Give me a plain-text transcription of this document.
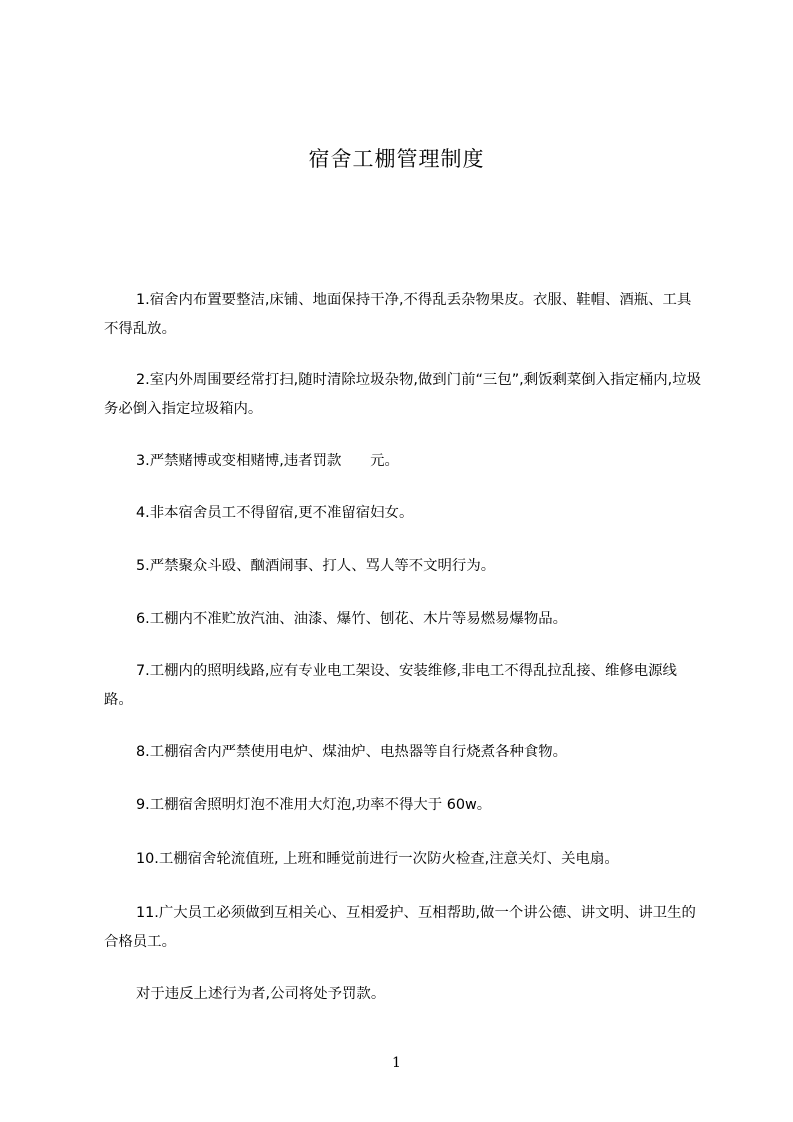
宿舍工棚管理制度

1.宿舍内布置要整洁,床铺、地面保持干净,不得乱丢杂物果皮。衣服、鞋帽、酒瓶、工具不得乱放。

2.室内外周围要经常打扫,随时清除垃圾杂物,做到门前“三包”,剩饭剩菜倒入指定桶内,垃圾务必倒入指定垃圾箱内。

3.严禁赌博或变相赌博,违者罚款　　元。

4.非本宿舍员工不得留宿,更不准留宿妇女。

5.严禁聚众斗殴、酗酒闹事、打人、骂人等不文明行为。

6.工棚内不准贮放汽油、油漆、爆竹、刨花、木片等易燃易爆物品。

7.工棚内的照明线路,应有专业电工架设、安装维修,非电工不得乱拉乱接、维修电源线路。

8.工棚宿舍内严禁使用电炉、煤油炉、电热器等自行烧煮各种食物。

9.工棚宿舍照明灯泡不准用大灯泡,功率不得大于 60w。

10.工棚宿舍轮流值班, 上班和睡觉前进行一次防火检查,注意关灯、关电扇。

11.广大员工必须做到互相关心、互相爱护、互相帮助,做一个讲公德、讲文明、讲卫生的合格员工。

对于违反上述行为者,公司将处予罚款。

1
